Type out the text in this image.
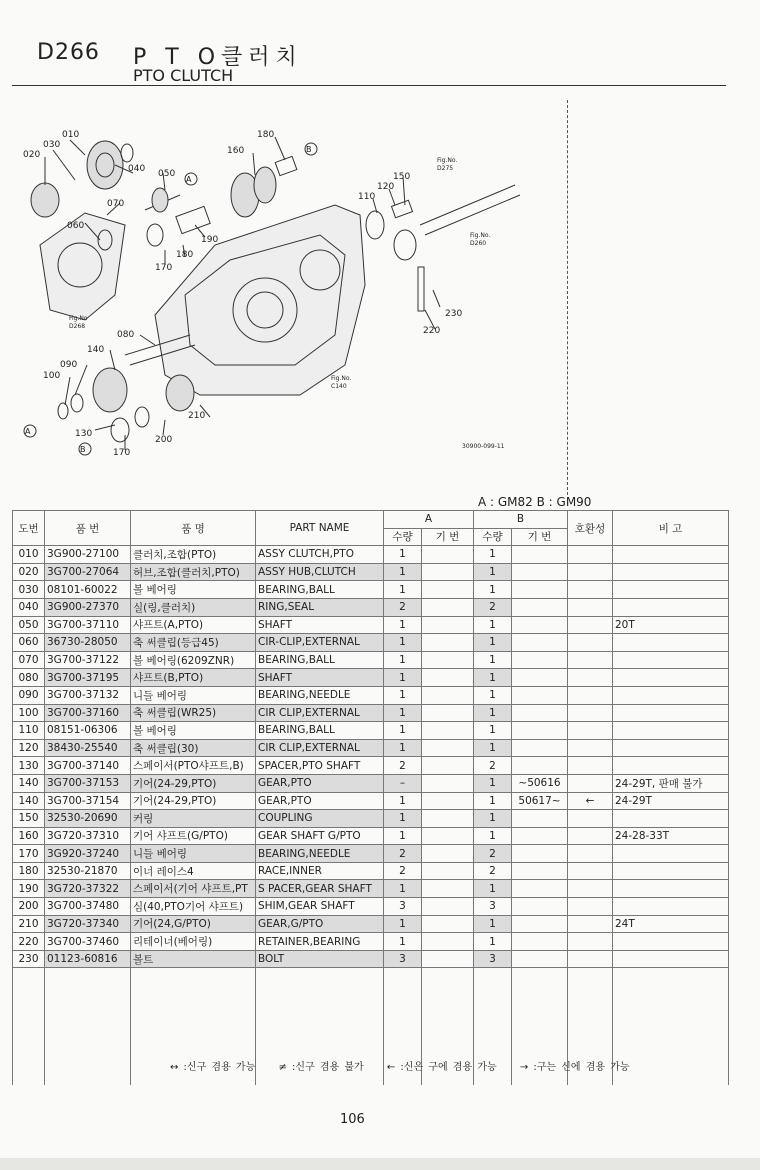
D266 P T O클러치
PTO CLUTCH
010
030
020
040 050
070
060
180
160
150
120
110
190
180
170
080
140
090
100
130
170
200
210
220
230
B
A
A
B
Fig.No.
D275
Fig.No.
D260
Fig.No
D268
Fig.No.
C140
30900-099-11
A : GM82 B : GM90
도번	품 번	품 명	PART NAME	A		B		호환성	비 고
				수량	기 번	수량	기 번		
010	3G900-27100	클러치,조합(PTO)	ASSY CLUTCH,PTO	1		1			
020	3G700-27064	허브,조합(클러치,PTO)	ASSY HUB,CLUTCH	1		1			
030	08101-60022	볼 베어링	BEARING,BALL	1		1			
040	3G900-27370	실(링,클러치)	RING,SEAL	2		2			
050	3G700-37110	샤프트(A,PTO)	SHAFT	1		1			20T
060	36730-28050	축 써클립(등급45)	CIR-CLIP,EXTERNAL	1		1			
070	3G700-37122	볼 베어링(6209ZNR)	BEARING,BALL	1		1			
080	3G700-37195	샤프트(B,PTO)	SHAFT	1		1			
090	3G700-37132	니들 베어링	BEARING,NEEDLE	1		1			
100	3G700-37160	축 써클립(WR25)	CIR CLIP,EXTERNAL	1		1			
110	08151-06306	볼 베어링	BEARING,BALL	1		1			
120	38430-25540	축 써클립(30)	CIR CLIP,EXTERNAL	1		1			
130	3G700-37140	스페이서(PTO샤프트,B)	SPACER,PTO SHAFT	2		2			
140	3G700-37153	기어(24-29,PTO)	GEAR,PTO	–		1	~50616		24-29T, 판매 불가
140	3G700-37154	기어(24-29,PTO)	GEAR,PTO	1		1	50617~	←	24-29T
150	32530-20690	커링	COUPLING	1		1			
160	3G720-37310	기어 샤프트(G/PTO)	GEAR SHAFT G/PTO	1		1			24-28-33T
170	3G920-37240	니들 베어링	BEARING,NEEDLE	2		2			
180	32530-21870	이너 레이스4	RACE,INNER	2		2			
190	3G720-37322	스페이서(기어 샤프트,PT	S PACER,GEAR SHAFT	1		1			
200	3G700-37480	심(40,PTO기어 샤프트)	SHIM,GEAR SHAFT	3		3			
210	3G720-37340	기어(24,G/PTO)	GEAR,G/PTO	1		1			24T
220	3G700-37460	리테이너(베어링)	RETAINER,BEARING	1		1			
230	01123-60816	볼트	BOLT	3		3			

↔ :신구 겸용 가능 ≠ :신구 겸용 불가 ← :신은 구에 겸용 가능 → :구는 신에 겸용 가능
106
